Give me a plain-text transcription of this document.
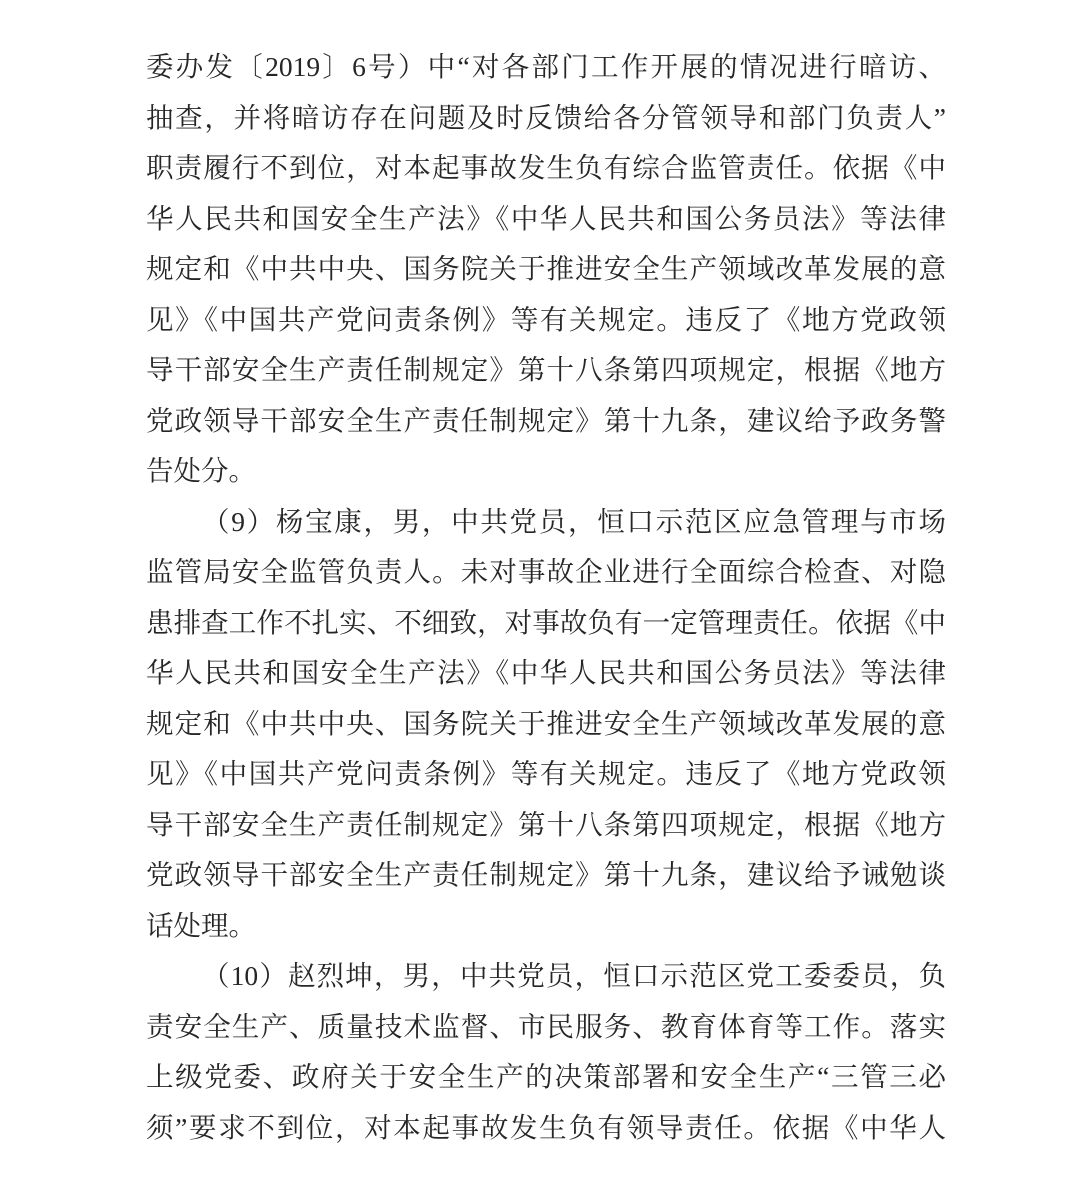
委办发〔2019〕6号）中“对各部门工作开展的情况进行暗访、
抽查，并将暗访存在问题及时反馈给各分管领导和部门负责人”
职责履行不到位，对本起事故发生负有综合监管责任。依据《中
华人民共和国安全生产法》《中华人民共和国公务员法》等法律
规定和《中共中央、国务院关于推进安全生产领域改革发展的意
见》《中国共产党问责条例》等有关规定。违反了《地方党政领
导干部安全生产责任制规定》第十八条第四项规定，根据《地方
党政领导干部安全生产责任制规定》第十九条，建议给予政务警
告处分。
（9）杨宝康，男，中共党员，恒口示范区应急管理与市场
监管局安全监管负责人。未对事故企业进行全面综合检查、对隐
患排查工作不扎实、不细致，对事故负有一定管理责任。依据《中
华人民共和国安全生产法》《中华人民共和国公务员法》等法律
规定和《中共中央、国务院关于推进安全生产领域改革发展的意
见》《中国共产党问责条例》等有关规定。违反了《地方党政领
导干部安全生产责任制规定》第十八条第四项规定，根据《地方
党政领导干部安全生产责任制规定》第十九条，建议给予诫勉谈
话处理。
（10）赵烈坤，男，中共党员，恒口示范区党工委委员，负
责安全生产、质量技术监督、市民服务、教育体育等工作。落实
上级党委、政府关于安全生产的决策部署和安全生产“三管三必
须”要求不到位，对本起事故发生负有领导责任。依据《中华人
